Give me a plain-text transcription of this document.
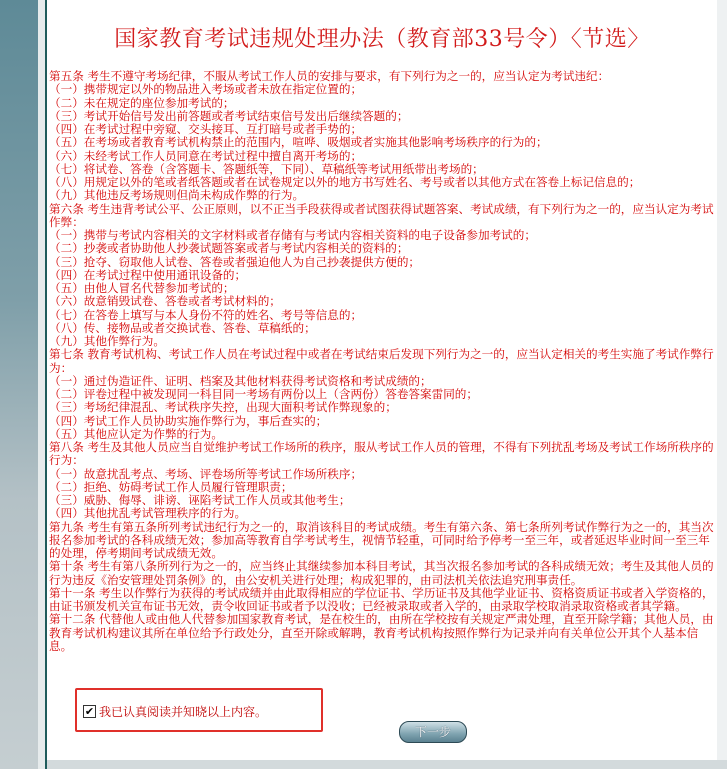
国家教育考试违规处理办法（教育部33号令）〈节选〉

第五条 考生不遵守考场纪律，不服从考试工作人员的安排与要求，有下列行为之一的，应当认定为考试违纪：

（一）携带规定以外的物品进入考场或者未放在指定位置的；

（二）未在规定的座位参加考试的；

（三）考试开始信号发出前答题或者考试结束信号发出后继续答题的；

（四）在考试过程中旁窥、交头接耳、互打暗号或者手势的；

（五）在考场或者教育考试机构禁止的范围内，喧哗、吸烟或者实施其他影响考场秩序的行为的；

（六）未经考试工作人员同意在考试过程中擅自离开考场的；

（七）将试卷、答卷（含答题卡、答题纸等，下同）、草稿纸等考试用纸带出考场的；

（八）用规定以外的笔或者纸答题或者在试卷规定以外的地方书写姓名、考号或者以其他方式在答卷上标记信息的；

（九）其他违反考场规则但尚未构成作弊的行为。

第六条 考生违背考试公平、公正原则，以不正当手段获得或者试图获得试题答案、考试成绩，有下列行为之一的，应当认定为考试作弊：

（一）携带与考试内容相关的文字材料或者存储有与考试内容相关资料的电子设备参加考试的；

（二）抄袭或者协助他人抄袭试题答案或者与考试内容相关的资料的；

（三）抢夺、窃取他人试卷、答卷或者强迫他人为自己抄袭提供方便的；

（四）在考试过程中使用通讯设备的；

（五）由他人冒名代替参加考试的；

（六）故意销毁试卷、答卷或者考试材料的；

（七）在答卷上填写与本人身份不符的姓名、考号等信息的；

（八）传、接物品或者交换试卷、答卷、草稿纸的；

（九）其他作弊行为。

第七条 教育考试机构、考试工作人员在考试过程中或者在考试结束后发现下列行为之一的，应当认定相关的考生实施了考试作弊行为：

（一）通过伪造证件、证明、档案及其他材料获得考试资格和考试成绩的；

（二）评卷过程中被发现同一科目同一考场有两份以上（含两份）答卷答案雷同的；

（三）考场纪律混乱、考试秩序失控，出现大面积考试作弊现象的；

（四）考试工作人员协助实施作弊行为，事后查实的；

（五）其他应认定为作弊的行为。

第八条 考生及其他人员应当自觉维护考试工作场所的秩序，服从考试工作人员的管理，不得有下列扰乱考场及考试工作场所秩序的 行为：

（一）故意扰乱考点、考场、评卷场所等考试工作场所秩序；

（二）拒绝、妨碍考试工作人员履行管理职责；

（三）威胁、侮辱、诽谤、诬陷考试工作人员或其他考生；

（四）其他扰乱考试管理秩序的行为。

第九条 考生有第五条所列考试违纪行为之一的，取消该科目的考试成绩。考生有第六条、第七条所列考试作弊行为之一的，其当次报名参加考试的各科成绩无效；参加高等教育自学考试考生，视情节轻重，可同时给予停考一至三年，或者延迟毕业时间一至三年的处理，停考期间考试成绩无效。

第十条 考生有第八条所列行为之一的，应当终止其继续参加本科目考试，其当次报名参加考试的各科成绩无效；考生及其他人员的行为违反《治安管理处罚条例》的，由公安机关进行处理；构成犯罪的，由司法机关依法追究刑事责任。

第十一条 考生以作弊行为获得的考试成绩并由此取得相应的学位证书、学历证书及其他学业证书、资格资质证书或者入学资格的，由证书颁发机关宣布证书无效，责令收回证书或者予以没收；已经被录取或者入学的，由录取学校取消录取资格或者其学籍。

第十二条 代替他人或由他人代替参加国家教育考试，是在校生的，由所在学校按有关规定严肃处理，直至开除学籍；其他人员，由教育考试机构建议其所在单位给予行政处分，直至开除或解聘，教育考试机构按照作弊行为记录并向有关单位公开其个人基本信息。

✔ 我已认真阅读并知晓以上内容。
下一步
